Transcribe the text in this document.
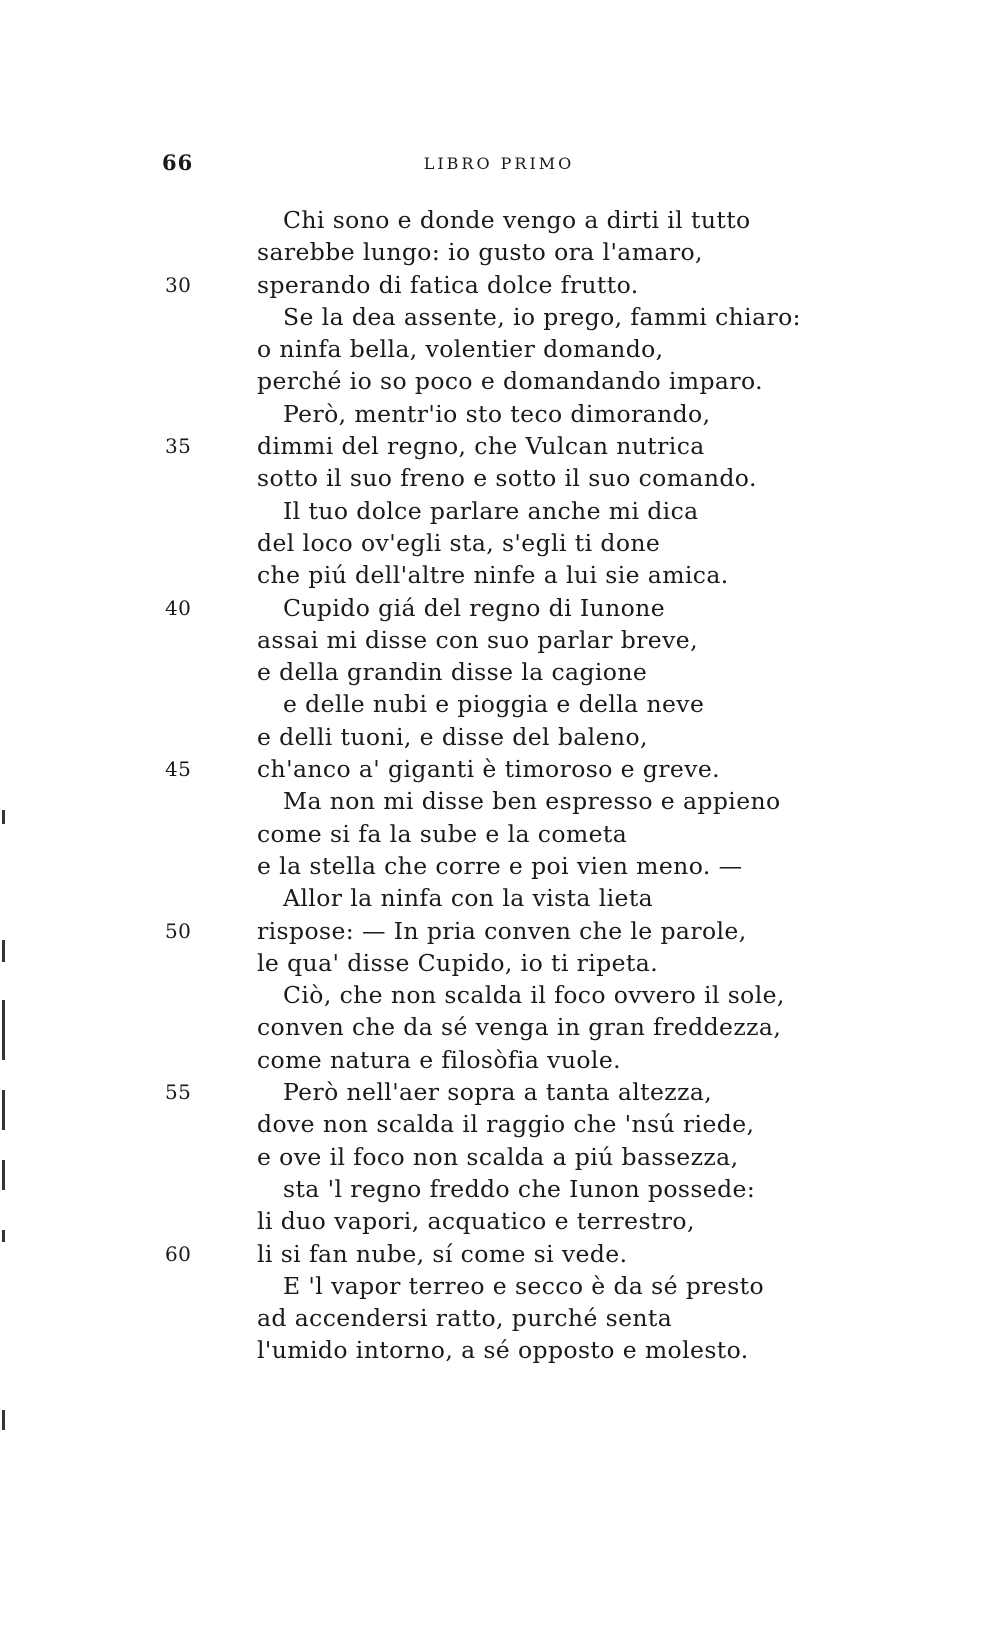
66	LIBRO PRIMO
Chi sono e donde vengo a dirti il tutto
sarebbe lungo: io gusto ora l'amaro,
30	sperando di fatica dolce frutto.
Se la dea assente, io prego, fammi chiaro:
o ninfa bella, volentier domando,
perché io so poco e domandando imparo.
Però, mentr'io sto teco dimorando,
35	dimmi del regno, che Vulcan nutrica
sotto il suo freno e sotto il suo comando.
Il tuo dolce parlare anche mi dica
del loco ov'egli sta, s'egli ti done
che piú dell'altre ninfe a lui sie amica.
40	Cupido giá del regno di Iunone
assai mi disse con suo parlar breve,
e della grandin disse la cagione
e delle nubi e pioggia e della neve
e delli tuoni, e disse del baleno,
45	ch'anco a' giganti è timoroso e greve.
Ma non mi disse ben espresso e appieno
come si fa la sube e la cometa
e la stella che corre e poi vien meno. —
Allor la ninfa con la vista lieta
50	rispose: — In pria conven che le parole,
le qua' disse Cupido, io ti ripeta.
Ciò, che non scalda il foco ovvero il sole,
conven che da sé venga in gran freddezza,
come natura e filosòfia vuole.
55	Però nell'aer sopra a tanta altezza,
dove non scalda il raggio che 'nsú riede,
e ove il foco non scalda a piú bassezza,
sta 'l regno freddo che Iunon possede:
li duo vapori, acquatico e terrestro,
60	li si fan nube, sí come si vede.
E 'l vapor terreo e secco è da sé presto
ad accendersi ratto, purché senta
l'umido intorno, a sé opposto e molesto.
